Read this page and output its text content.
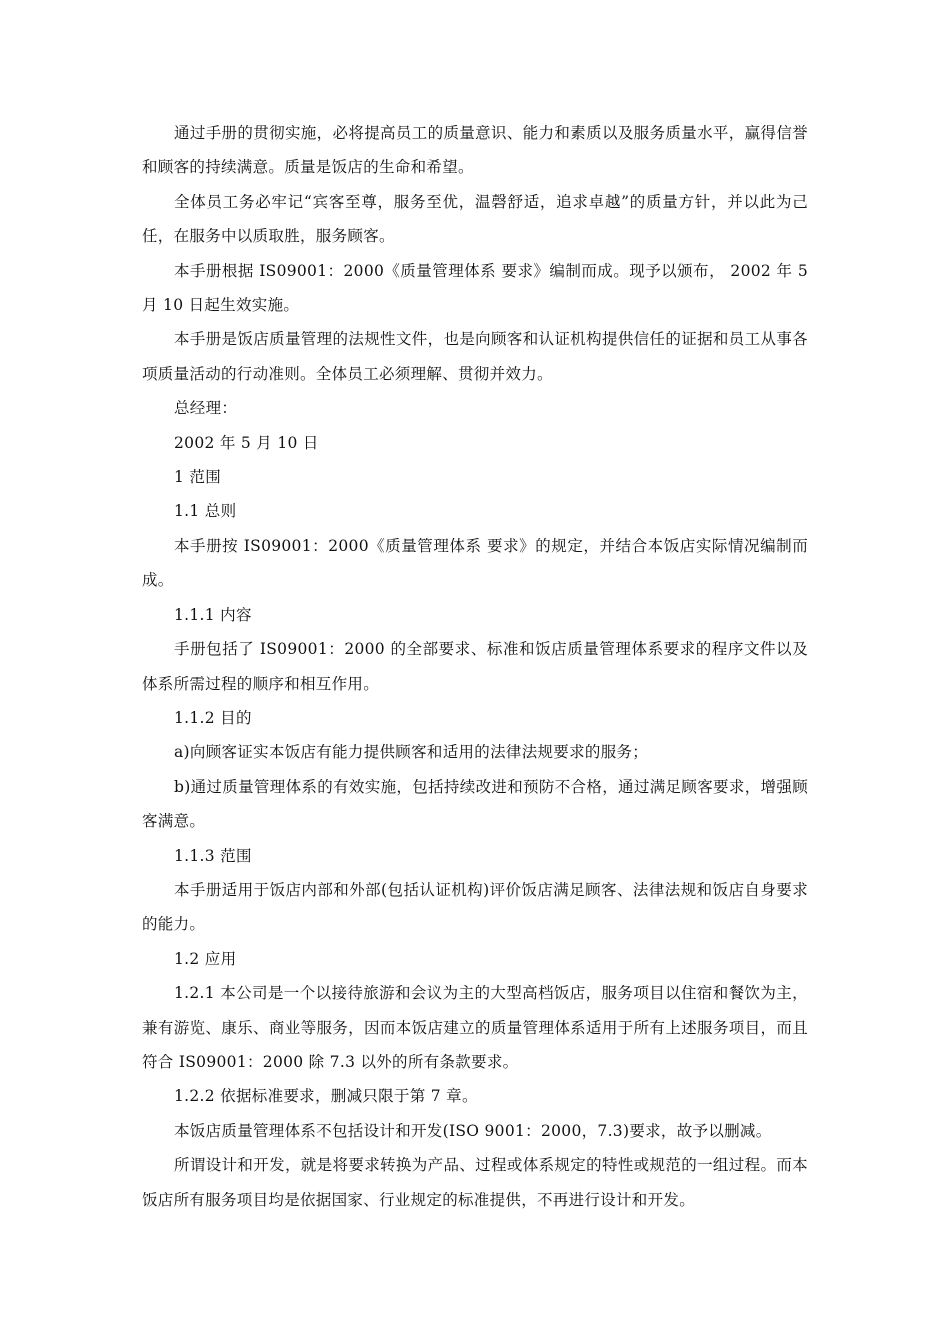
通过手册的贯彻实施，必将提高员工的质量意识、能力和素质以及服务质量水平，赢得信誉和顾客的持续满意。质量是饭店的生命和希望。

全体员工务必牢记“宾客至尊，服务至优，温磬舒适，追求卓越”的质量方针，并以此为己任，在服务中以质取胜，服务顾客。

本手册根据 IS09001：2000《质量管理体系 要求》编制而成。现予以颁布， 2002 年 5 月 10 日起生效实施。

本手册是饭店质量管理的法规性文件，也是向顾客和认证机构提供信任的证据和员工从事各项质量活动的行动准则。全体员工必须理解、贯彻并效力。

总经理：

2002 年 5 月 10 日

1 范围

1.1 总则

本手册按 IS09001：2000《质量管理体系 要求》的规定，并结合本饭店实际情况编制而成。

1.1.1 内容

手册包括了 IS09001：2000 的全部要求、标准和饭店质量管理体系要求的程序文件以及体系所需过程的顺序和相互作用。

1.1.2 目的

a)向顾客证实本饭店有能力提供顾客和适用的法律法规要求的服务；

b)通过质量管理体系的有效实施，包括持续改进和预防不合格，通过满足顾客要求，增强顾客满意。

1.1.3 范围

本手册适用于饭店内部和外部(包括认证机构)评价饭店满足顾客、法律法规和饭店自身要求的能力。

1.2 应用

1.2.1 本公司是一个以接待旅游和会议为主的大型高档饭店，服务项目以住宿和餐饮为主，兼有游览、康乐、商业等服务，因而本饭店建立的质量管理体系适用于所有上述服务项目，而且符合 IS09001：2000 除 7.3 以外的所有条款要求。

1.2.2 依据标准要求，删减只限于第 7 章。

本饭店质量管理体系不包括设计和开发(ISO 9001：2000，7.3)要求，故予以删减。

所谓设计和开发，就是将要求转换为产品、过程或体系规定的特性或规范的一组过程。而本饭店所有服务项目均是依据国家、行业规定的标准提供，不再进行设计和开发。
